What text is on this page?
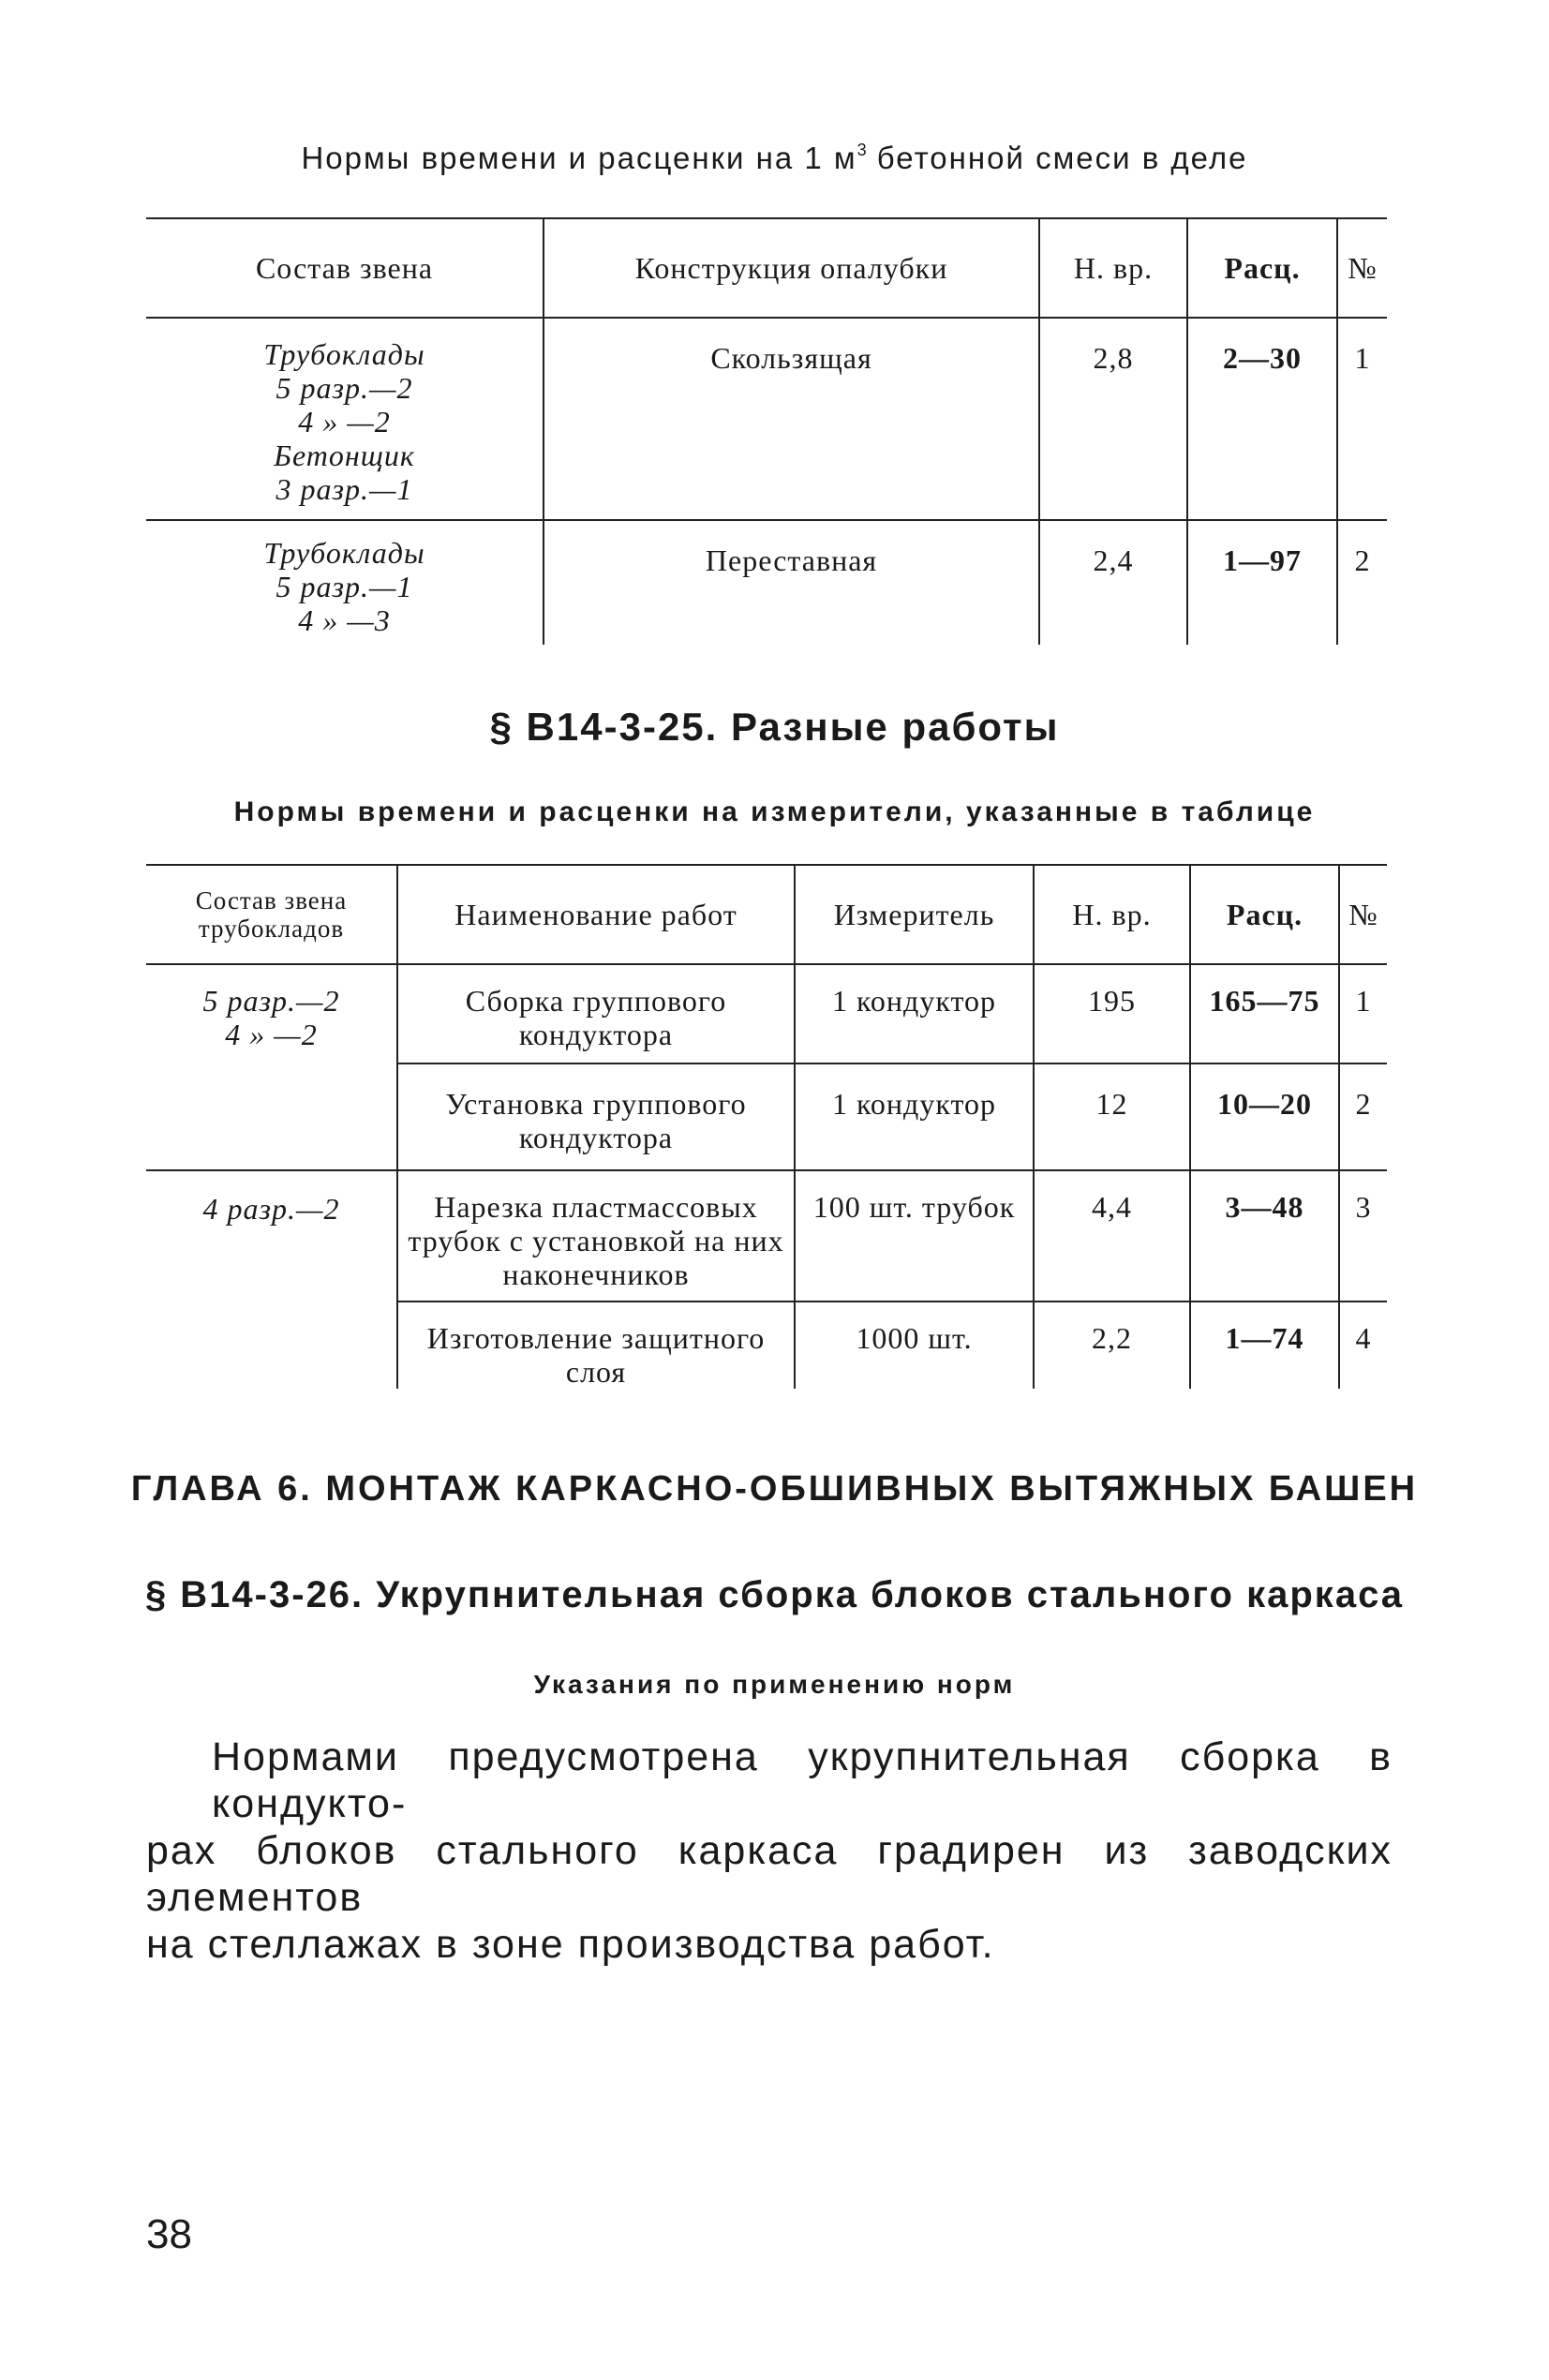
Нормы времени и расценки на 1 $м^3$ бетонной смеси в деле
Состав звена	Конструкция опалубки	Н. вр.	Расц.	№

Трубоклады
5 разр.—2
4 » —2
Бетонщик
3 разр.—1	Скользящая	2,8	2—30	1

Трубоклады
5 разр.—1
4 » —3	Переставная	2,4	1—97	2
§ В14-3-25. Разные работы
Нормы времени и расценки на измерители, указанные в таблице
Состав звена трубокладов	Наименование работ	Измеритель	Н. вр.	Расц.	№

5 разр.—2
4 » —2	Сборка группового кондуктора	1 кондуктор	195	165—75	1
	Установка группового кондуктора	1 кондуктор	12	10—20	2

4 разр.—2	Нарезка пластмассовых трубок с установкой на них наконечников	100 шт. трубок	4,4	3—48	3
	Изготовление защитного слоя	1000 шт.	2,2	1—74	4
ГЛАВА 6. МОНТАЖ КАРКАСНО-ОБШИВНЫХ ВЫТЯЖНЫХ БАШЕН
§ В14-3-26. Укрупнительная сборка блоков стального каркаса
Указания по применению норм
Нормами предусмотрена укрупнительная сборка в кондукто-
рах блоков стального каркаса градирен из заводских элементов
на стеллажах в зоне производства работ.
38
